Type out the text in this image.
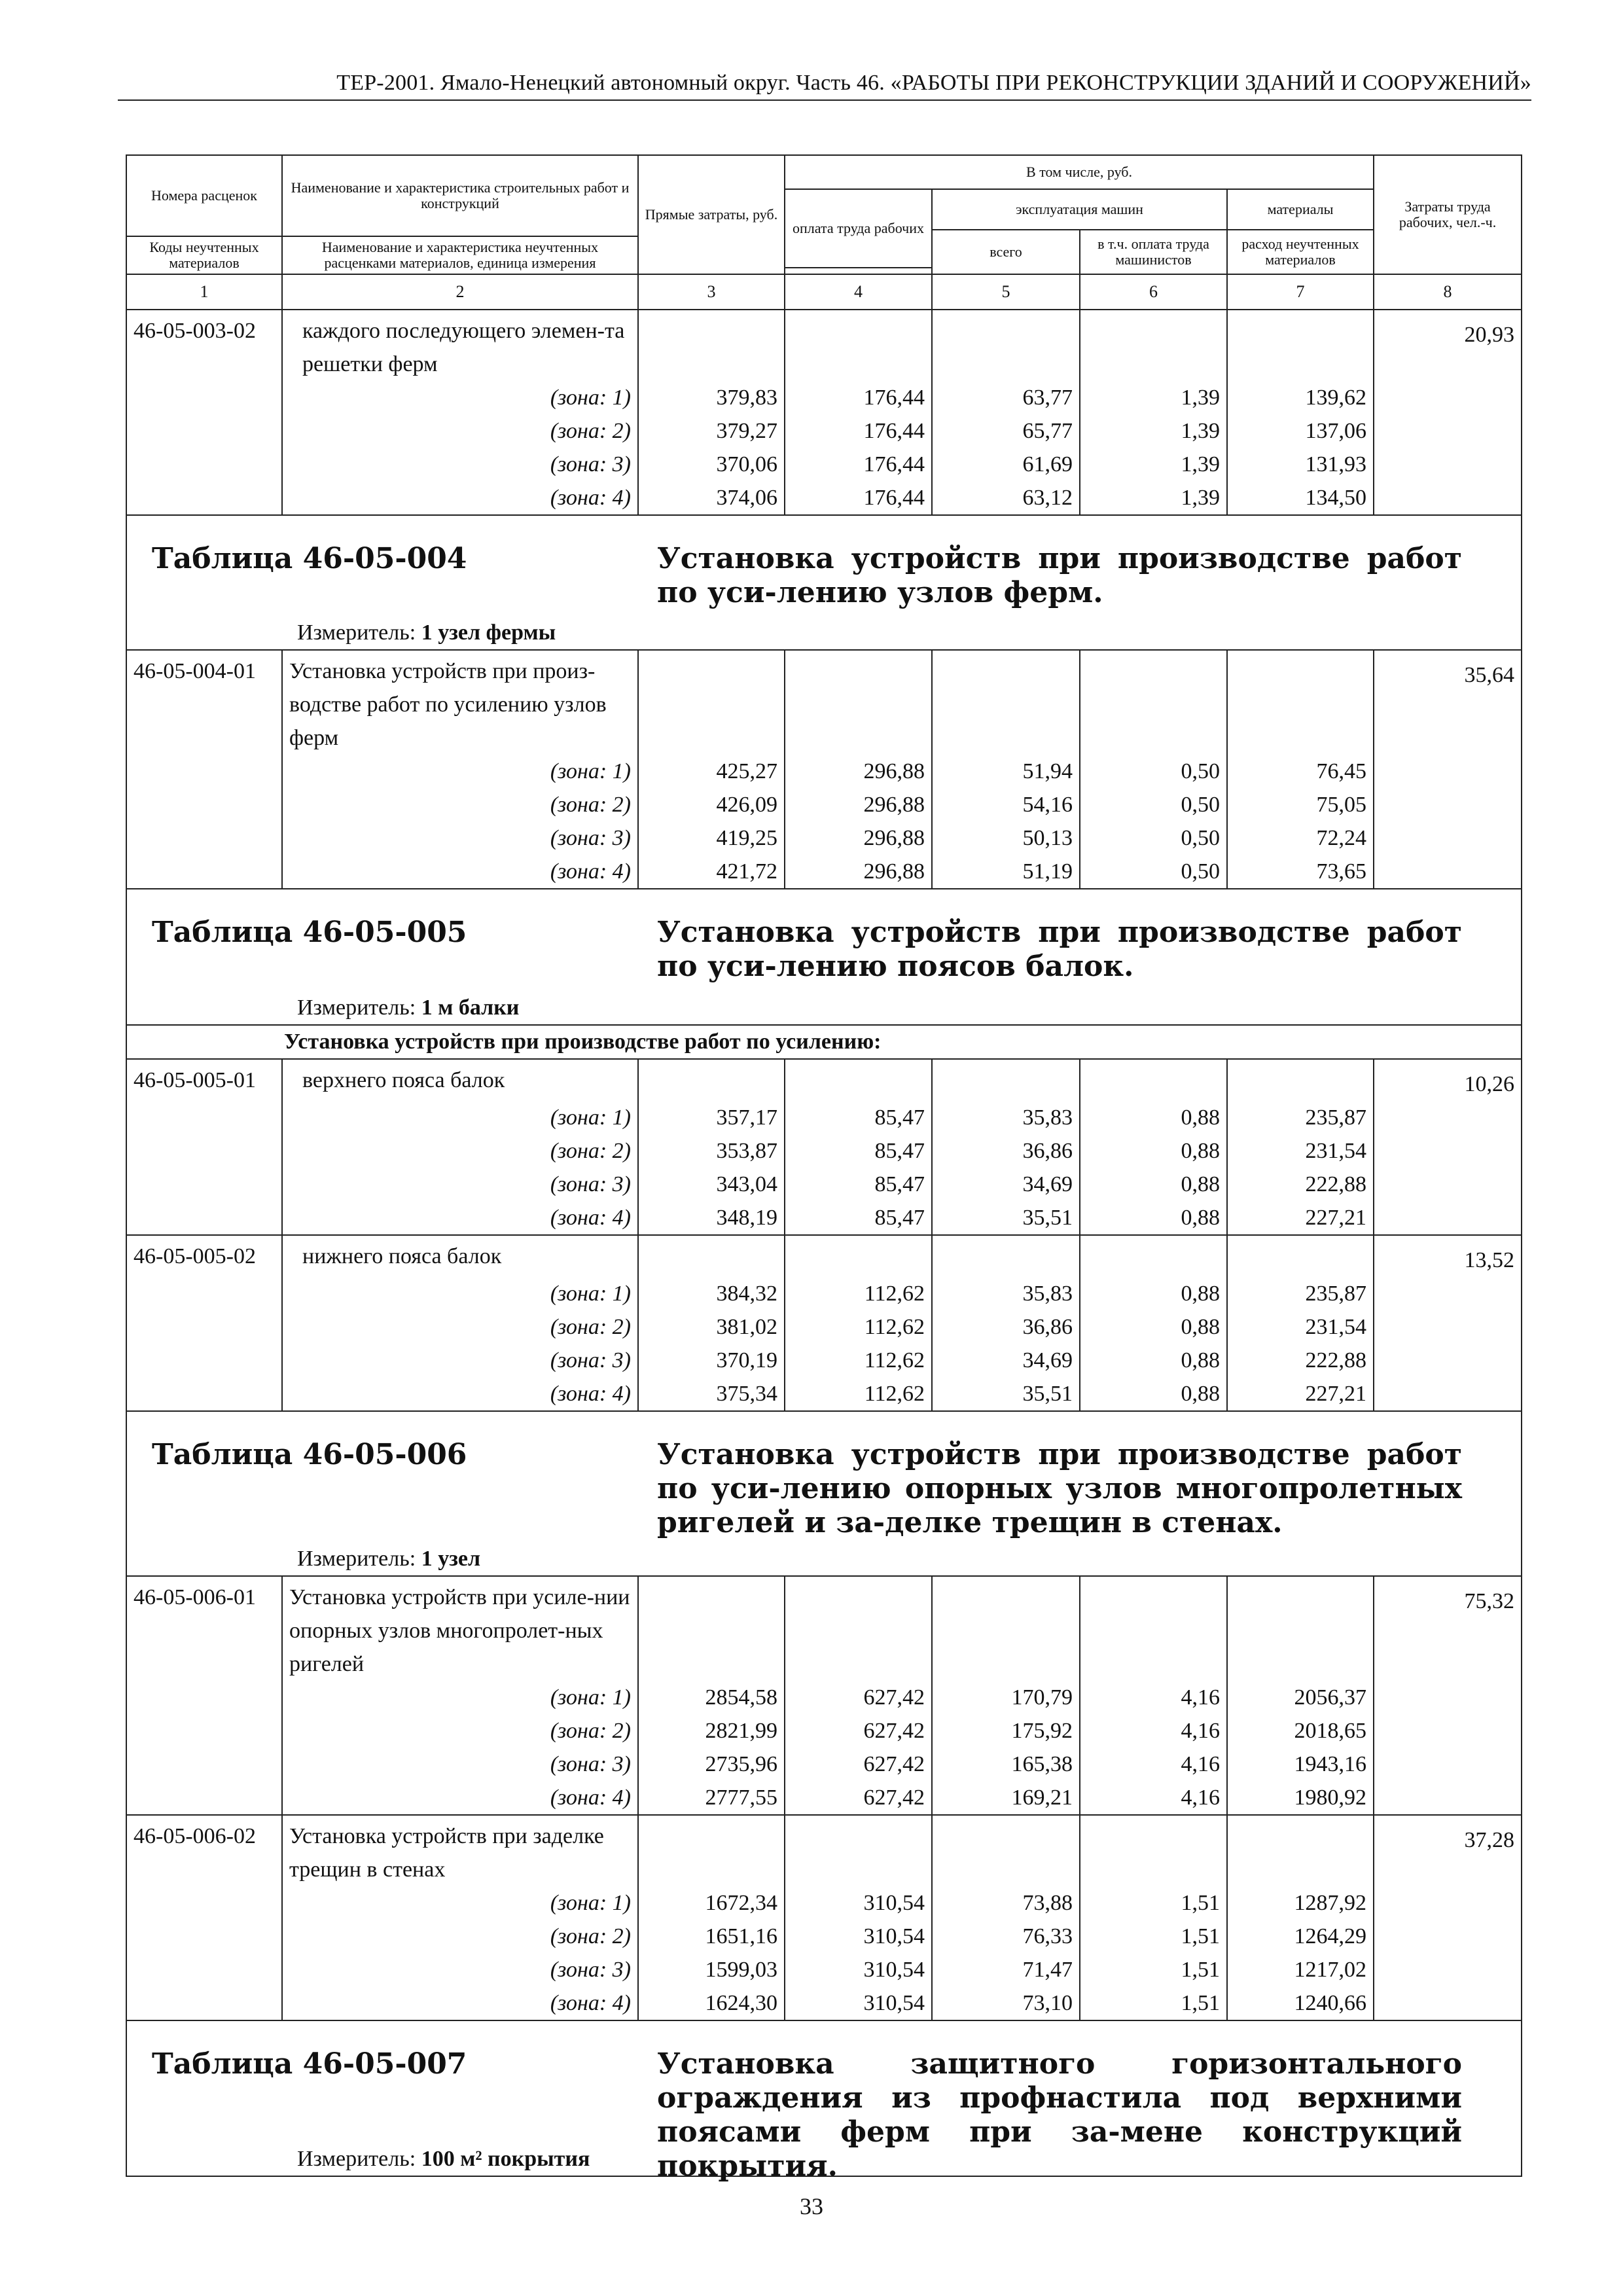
ТЕР-2001. Ямало-Ненецкий автономный округ. Часть 46. «РАБОТЫ ПРИ РЕКОНСТРУКЦИИ ЗДАНИЙ И СООРУЖЕНИЙ»
Номера расценок	Наименование и характеристика строительных работ и конструкций	Прямые затраты, руб.	В том числе, руб.				Затраты труда рабочих, чел.-ч.
			оплата труда рабочих	эксплуатация машин		материалы	
				всего	в т.ч. оплата труда машинистов	расход неучтенных материалов	
Коды неучтенных материалов	Наименование и характеристика неучтенных расценками материалов, единица измерения						

1	2	3	4	5	6	7	8
46-05-003-02	каждого последующего элемен-та решетки ферм						20,93
	(зона: 1)	379,83	176,44	63,77	1,39	139,62	
	(зона: 2)	379,27	176,44	65,77	1,39	137,06	
	(зона: 3)	370,06	176,44	61,69	1,39	131,93	
	(зона: 4)	374,06	176,44	63,12	1,39	134,50	

Таблица 46-05-004 Установка устройств при производстве работ по уси-лению узлов ферм.
Измеритель: 1 узел фермы							

46-05-004-01	Установка устройств при произ-водстве работ по усилению узлов ферм						35,64
	(зона: 1)	425,27	296,88	51,94	0,50	76,45	
	(зона: 2)	426,09	296,88	54,16	0,50	75,05	
	(зона: 3)	419,25	296,88	50,13	0,50	72,24	
	(зона: 4)	421,72	296,88	51,19	0,50	73,65	

Таблица 46-05-005 Установка устройств при производстве работ по уси-лению поясов балок.
Измеритель: 1 м балки							

Установка устройств при производстве работ по усилению:							
46-05-005-01	верхнего пояса балок						10,26
	(зона: 1)	357,17	85,47	35,83	0,88	235,87	
	(зона: 2)	353,87	85,47	36,86	0,88	231,54	
	(зона: 3)	343,04	85,47	34,69	0,88	222,88	
	(зона: 4)	348,19	85,47	35,51	0,88	227,21	
46-05-005-02	нижнего пояса балок						13,52
	(зона: 1)	384,32	112,62	35,83	0,88	235,87	
	(зона: 2)	381,02	112,62	36,86	0,88	231,54	
	(зона: 3)	370,19	112,62	34,69	0,88	222,88	
	(зона: 4)	375,34	112,62	35,51	0,88	227,21	

Таблица 46-05-006 Установка устройств при производстве работ по уси-лению опорных узлов многопролетных ригелей и за-делке трещин в стенах.
Измеритель: 1 узел							

46-05-006-01	Установка устройств при усиле-нии опорных узлов многопролет-ных ригелей						75,32
	(зона: 1)	2854,58	627,42	170,79	4,16	2056,37	
	(зона: 2)	2821,99	627,42	175,92	4,16	2018,65	
	(зона: 3)	2735,96	627,42	165,38	4,16	1943,16	
	(зона: 4)	2777,55	627,42	169,21	4,16	1980,92	
46-05-006-02	Установка устройств при заделке трещин в стенах						37,28
	(зона: 1)	1672,34	310,54	73,88	1,51	1287,92	
	(зона: 2)	1651,16	310,54	76,33	1,51	1264,29	
	(зона: 3)	1599,03	310,54	71,47	1,51	1217,02	
	(зона: 4)	1624,30	310,54	73,10	1,51	1240,66	

Таблица 46-05-007 Установка защитного горизонтального ограждения из профнастила под верхними поясами ферм при за-мене конструкций покрытия.
Измеритель: 100 м² покрытия							
33
